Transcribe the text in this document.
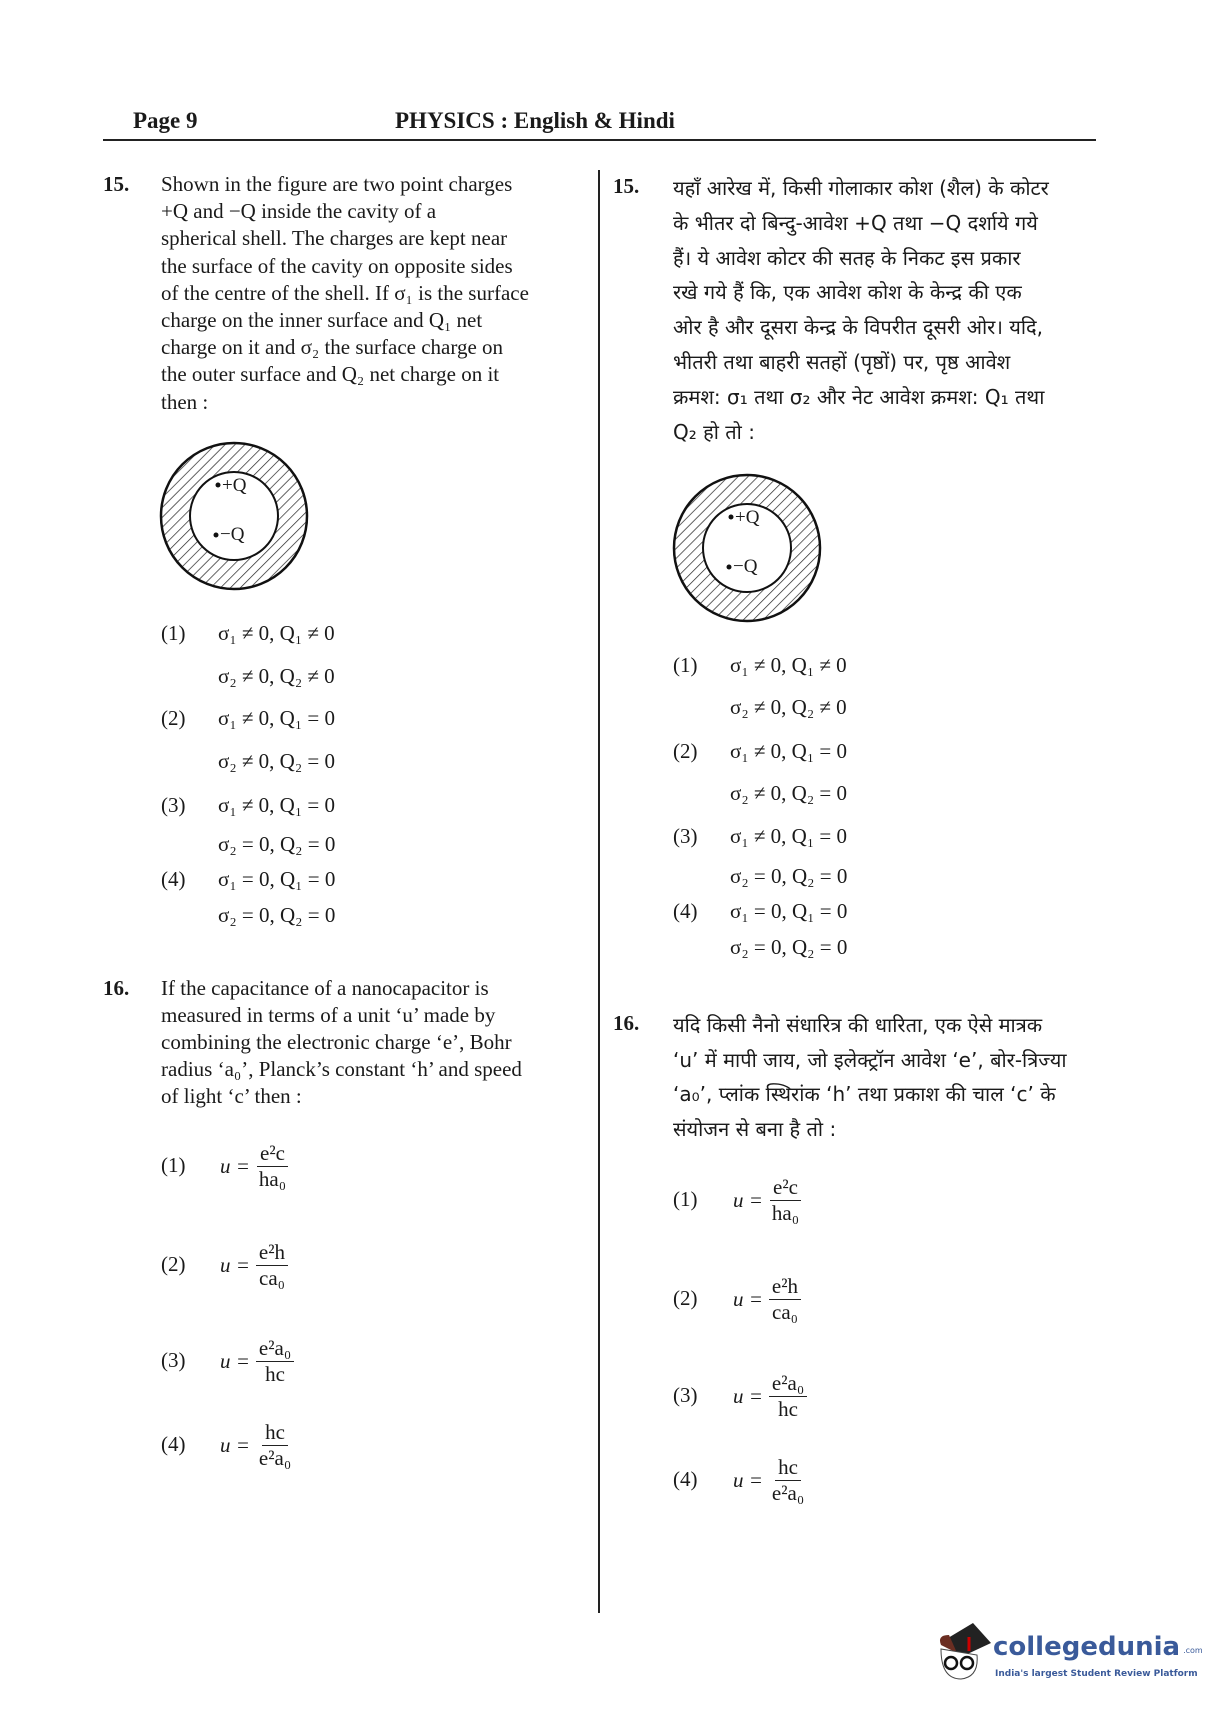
Page 9	PHYSICS : English & Hindi
15. Shown in the figure are two point charges
+Q and −Q inside the cavity of a
spherical shell. The charges are kept near
the surface of the cavity on opposite sides
of the centre of the shell. If σ₁ is the surface
charge on the inner surface and Q₁ net
charge on it and σ₂ the surface charge on
the outer surface and Q₂ net charge on it
then :
+Q
−Q
(1) σ₁ ≠ 0, Q₁ ≠ 0
σ₂ ≠ 0, Q₂ ≠ 0
(2) σ₁ ≠ 0, Q₁ = 0
σ₂ ≠ 0, Q₂ = 0
(3) σ₁ ≠ 0, Q₁ = 0
σ₂ = 0, Q₂ = 0
(4) σ₁ = 0, Q₁ = 0
σ₂ = 0, Q₂ = 0
16. If the capacitance of a nanocapacitor is
measured in terms of a unit ‘u’ made by
combining the electronic charge ‘e’, Bohr
radius ‘a₀’, Planck’s constant ‘h’ and speed
of light ‘c’ then :
(1) $u = \frac{\text{e²c}}{\text{ha₀}}$
(2) $u = \frac{\text{e²h}}{\text{ca₀}}$
(3) $u = \frac{\text{e²a₀}}{hc}$
(4) $u = \frac{hc}{\text{e²a₀}}$
15. यहाँ आरेख में, किसी गोलाकार कोश (शैल) के कोटर
के भीतर दो बिन्दु-आवेश +Q तथा −Q दर्शाये गये
हैं। ये आवेश कोटर की सतह के निकट इस प्रकार
रखे गये हैं कि, एक आवेश कोश के केन्द्र की एक
ओर है और दूसरा केन्द्र के विपरीत दूसरी ओर। यदि,
भीतरी तथा बाहरी सतहों (पृष्ठों) पर, पृष्ठ आवेश
क्रमश: σ₁ तथा σ₂ और नेट आवेश क्रमश: Q₁ तथा
Q₂ हो तो :
+Q
−Q
(1) σ₁ ≠ 0, Q₁ ≠ 0
σ₂ ≠ 0, Q₂ ≠ 0
(2) σ₁ ≠ 0, Q₁ = 0
σ₂ ≠ 0, Q₂ = 0
(3) σ₁ ≠ 0, Q₁ = 0
σ₂ = 0, Q₂ = 0
(4) σ₁ = 0, Q₁ = 0
σ₂ = 0, Q₂ = 0
16. यदि किसी नैनो संधारित्र की धारिता, एक ऐसे मात्रक
‘u’ में मापी जाय, जो इलेक्ट्रॉन आवेश ‘e’, बोर-त्रिज्या
‘a₀’, प्लांक स्थिरांक ‘h’ तथा प्रकाश की चाल ‘c’ के
संयोजन से बना है तो :
(1) $u = \frac{\text{e²c}}{\text{ha₀}}$
(2) $u = \frac{\text{e²h}}{\text{ca₀}}$
(3) $u = \frac{\text{e²a₀}}{hc}$
(4) $u = \frac{hc}{\text{e²a₀}}$
collegedunia .com
India's largest Student Review Platform
